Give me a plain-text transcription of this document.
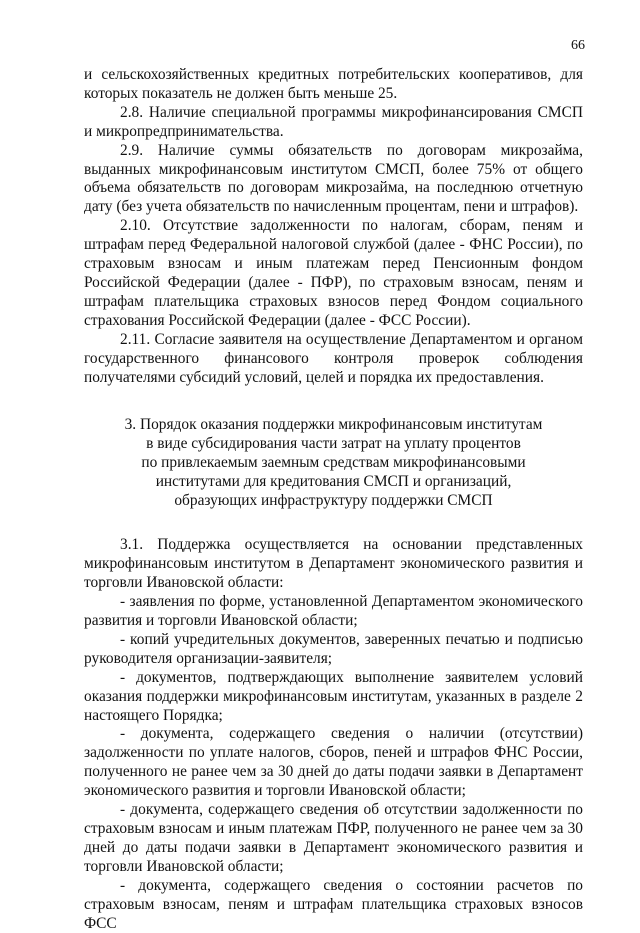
66

и сельскохозяйственных кредитных потребительских кооперативов, для которых показатель не должен быть меньше 25.

2.8. Наличие специальной программы микрофинансирования СМСП и микропредпринимательства.

2.9. Наличие суммы обязательств по договорам микрозайма, выданных микрофинансовым институтом СМСП, более 75% от общего объема обязательств по договорам микрозайма, на последнюю отчетную дату (без учета обязательств по начисленным процентам, пени и штрафов).

2.10. Отсутствие задолженности по налогам, сборам, пеням и штрафам перед Федеральной налоговой службой (далее - ФНС России), по страховым взносам и иным платежам перед Пенсионным фондом Российской Федерации (далее - ПФР), по страховым взносам, пеням и штрафам плательщика страховых взносов перед Фондом социального страхования Российской Федерации (далее - ФСС России).

2.11. Согласие заявителя на осуществление Департаментом и органом государственного финансового контроля проверок соблюдения получателями субсидий условий, целей и порядка их предоставления.

3. Порядок оказания поддержки микрофинансовым институтам
в виде субсидирования части затрат на уплату процентов
по привлекаемым заемным средствам микрофинансовыми
институтами для кредитования СМСП и организаций,
образующих инфраструктуру поддержки СМСП

3.1. Поддержка осуществляется на основании представленных микрофинансовым институтом в Департамент экономического развития и торговли Ивановской области:

- заявления по форме, установленной Департаментом экономического развития и торговли Ивановской области;

- копий учредительных документов, заверенных печатью и подписью руководителя организации-заявителя;

- документов, подтверждающих выполнение заявителем условий оказания поддержки микрофинансовым институтам, указанных в разделе 2 настоящего Порядка;

- документа, содержащего сведения о наличии (отсутствии) задолженности по уплате налогов, сборов, пеней и штрафов ФНС России, полученного не ранее чем за 30 дней до даты подачи заявки в Департамент экономического развития и торговли Ивановской области;

- документа, содержащего сведения об отсутствии задолженности по страховым взносам и иным платежам ПФР, полученного не ранее чем за 30 дней до даты подачи заявки в Департамент экономического развития и торговли Ивановской области;

- документа, содержащего сведения о состоянии расчетов по страховым взносам, пеням и штрафам плательщика страховых взносов ФСС
